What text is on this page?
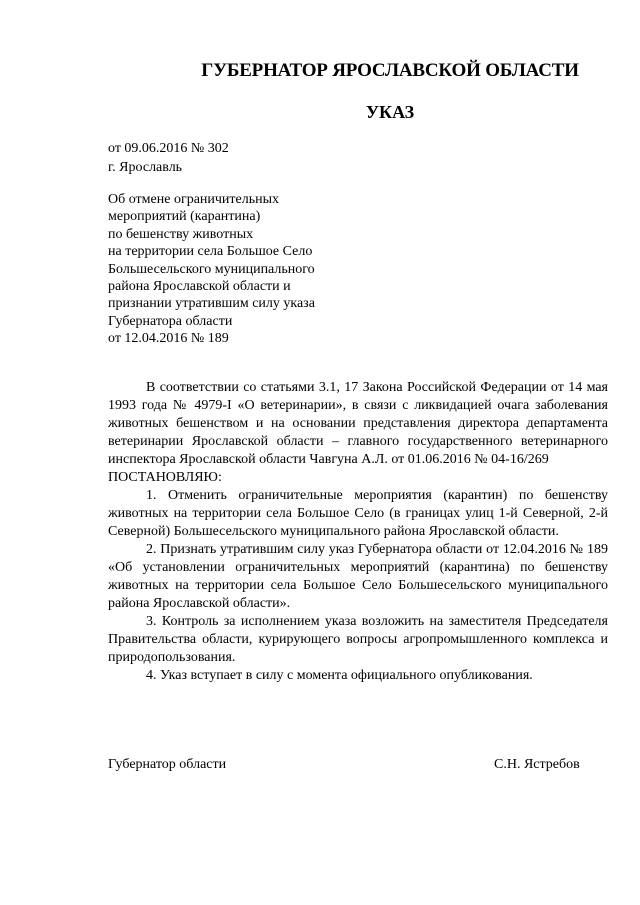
ГУБЕРНАТОР ЯРОСЛАВСКОЙ ОБЛАСТИ
УКАЗ
от 09.06.2016 № 302
г. Ярославль
Об отмене ограничительных
мероприятий (карантина)
по бешенству животных
на территории села Большое Село
Большесельского муниципального
района Ярославской области и
признании утратившим силу указа
Губернатора области
от 12.04.2016 № 189

В соответствии со статьями 3.1, 17 Закона Российской Федерации от 14 мая 1993 года № 4979-I «О ветеринарии», в связи с ликвидацией очага заболевания животных бешенством и на основании представления директора департамента ветеринарии Ярославской области – главного государственного ветеринарного инспектора Ярославской области Чавгуна А.Л. от 01.06.2016 № 04-16/269

ПОСТАНОВЛЯЮ:

1. Отменить ограничительные мероприятия (карантин) по бешенству животных на территории села Большое Село (в границах улиц 1-й Северной, 2-й Северной) Большесельского муниципального района Ярославской области.

2. Признать утратившим силу указ Губернатора области от 12.04.2016 № 189 «Об установлении ограничительных мероприятий (карантина) по бешенству животных на территории села Большое Село Большесельского муниципального района Ярославской области».

3. Контроль за исполнением указа возложить на заместителя Председателя Правительства области, курирующего вопросы агропромышленного комплекса и природопользования.

4. Указ вступает в силу с момента официального опубликования.

Губернатор области	С.Н. Ястребов
